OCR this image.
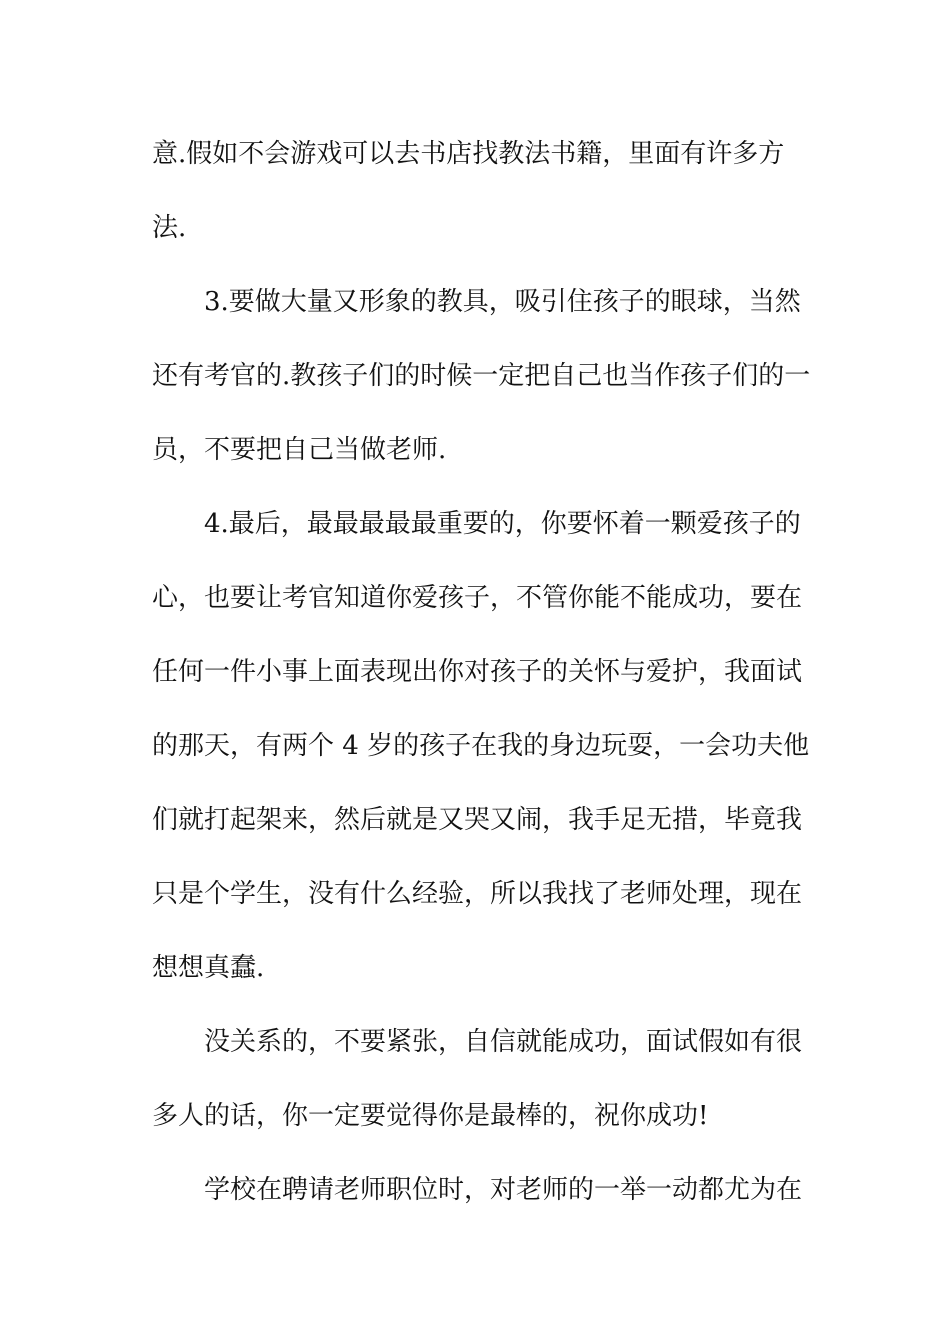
意.假如不会游戏可以去书店找教法书籍，里面有许多方
法.
3.要做大量又形象的教具，吸引住孩子的眼球，当然
还有考官的.教孩子们的时候一定把自己也当作孩子们的一
员，不要把自己当做老师.
4.最后，最最最最最重要的，你要怀着一颗爱孩子的
心，也要让考官知道你爱孩子，不管你能不能成功，要在
任何一件小事上面表现出你对孩子的关怀与爱护，我面试
的那天，有两个 4 岁的孩子在我的身边玩耍，一会功夫他
们就打起架来，然后就是又哭又闹，我手足无措，毕竟我
只是个学生，没有什么经验，所以我找了老师处理，现在
想想真蠢.
没关系的，不要紧张，自信就能成功，面试假如有很
多人的话，你一定要觉得你是最棒的，祝你成功!
学校在聘请老师职位时，对老师的一举一动都尤为在
